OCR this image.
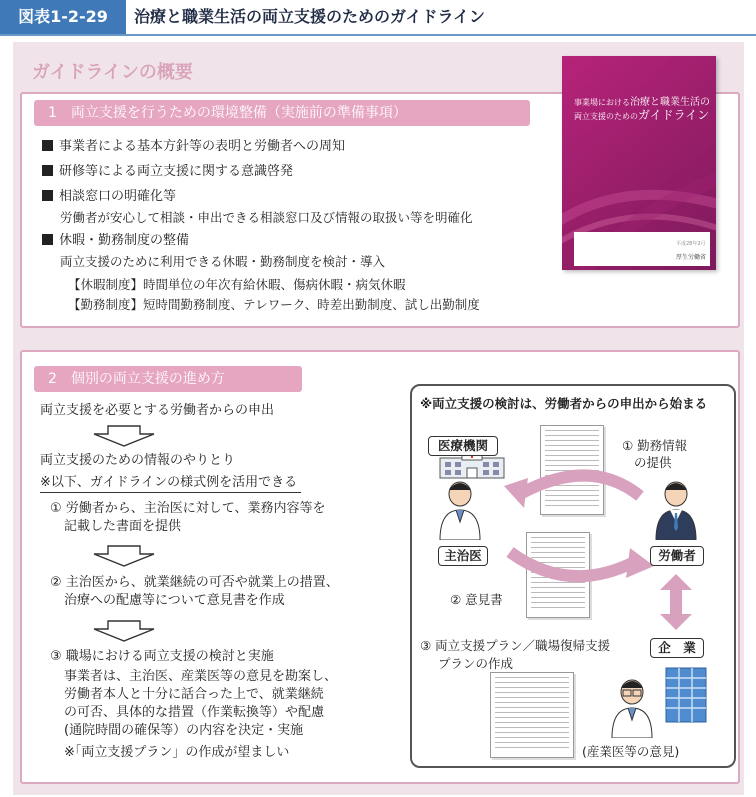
図表1-2-29	治療と職業生活の両立支援のためのガイドライン
ガイドラインの概要
1　両立支援を行うための環境整備（実施前の準備事項）
事業者による基本方針等の表明と労働者への周知
研修等による両立支援に関する意識啓発
相談窓口の明確化等
労働者が安心して相談・申出できる相談窓口及び情報の取扱い等を明確化
休暇・勤務制度の整備
両立支援のために利用できる休暇・勤務制度を検討・導入
【休暇制度】時間単位の年次有給休暇、傷病休暇・病気休暇
【勤務制度】短時間勤務制度、テレワーク、時差出勤制度、試し出勤制度
事業場における治療と職業生活の
両立支援のためのガイドライン
平成28年2月
厚生労働省
2　個別の両立支援の進め方
両立支援を必要とする労働者からの申出
両立支援のための情報のやりとり
※以下、ガイドラインの様式例を活用できる
① 労働者から、主治医に対して、業務内容等を
記載した書面を提供
② 主治医から、就業継続の可否や就業上の措置、
治療への配慮等について意見書を作成
③ 職場における両立支援の検討と実施
事業者は、主治医、産業医等の意見を勘案し、
労働者本人と十分に話合った上で、就業継続
の可否、具体的な措置（作業転換等）や配慮
(通院時間の確保等）の内容を決定・実施
※｢両立支援プラン」の作成が望ましい
※両立支援の検討は、労働者からの申出から始まる
医療機関
主治医
① 勤務情報
の提供
労働者
② 意見書
企　業
③ 両立支援プラン／職場復帰支援
プランの作成
(産業医等の意見)
